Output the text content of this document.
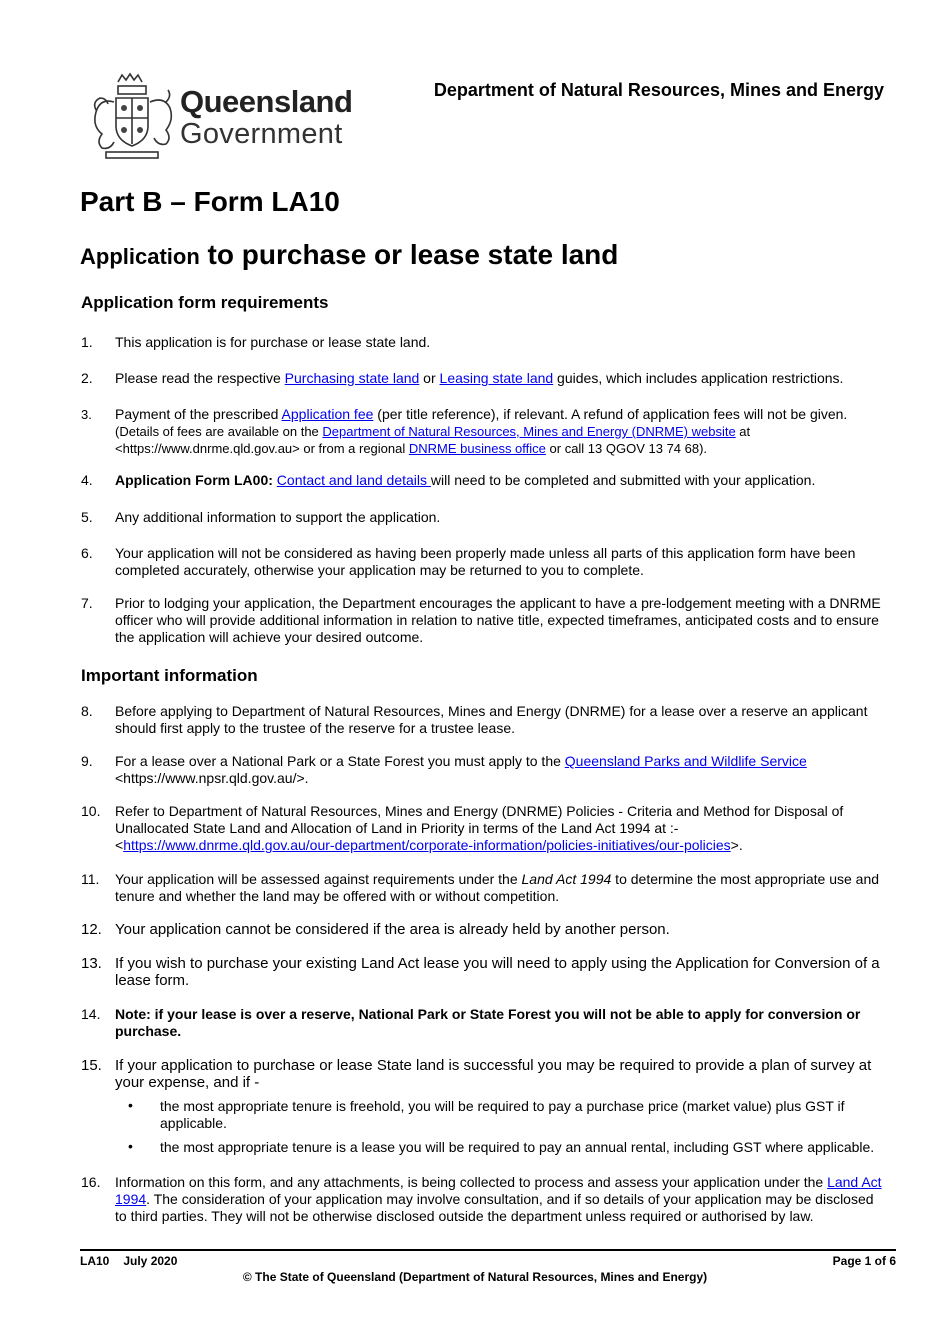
Queensland
Government
Department of Natural Resources, Mines and Energy
Part B – Form LA10
Application to purchase or lease state land
Application form requirements
1. This application is for purchase or lease state land.
2. Please read the respective Purchasing state land or Leasing state land guides, which includes application restrictions.
3. Payment of the prescribed Application fee (per title reference), if relevant. A refund of application fees will not be given.
(Details of fees are available on the Department of Natural Resources, Mines and Energy (DNRME) website at <https://www.dnrme.qld.gov.au> or from a regional DNRME business office or call 13 QGOV 13 74 68).
4. Application Form LA00: Contact and land details will need to be completed and submitted with your application.
5. Any additional information to support the application.
6. Your application will not be considered as having been properly made unless all parts of this application form have been completed accurately, otherwise your application may be returned to you to complete.
7. Prior to lodging your application, the Department encourages the applicant to have a pre-lodgement meeting with a DNRME officer who will provide additional information in relation to native title, expected timeframes, anticipated costs and to ensure the application will achieve your desired outcome.
Important information
8. Before applying to Department of Natural Resources, Mines and Energy (DNRME) for a lease over a reserve an applicant should first apply to the trustee of the reserve for a trustee lease.
9. For a lease over a National Park or a State Forest you must apply to the Queensland Parks and Wildlife Service <https://www.npsr.qld.gov.au/>.
10. Refer to Department of Natural Resources, Mines and Energy (DNRME) Policies - Criteria and Method for Disposal of Unallocated State Land and Allocation of Land in Priority in terms of the Land Act 1994 at :- <https://www.dnrme.qld.gov.au/our-department/corporate-information/policies-initiatives/our-policies>.
11. Your application will be assessed against requirements under the Land Act 1994 to determine the most appropriate use and tenure and whether the land may be offered with or without competition.
12. Your application cannot be considered if the area is already held by another person.
13. If you wish to purchase your existing Land Act lease you will need to apply using the Application for Conversion of a lease form.
14. Note: if your lease is over a reserve, National Park or State Forest you will not be able to apply for conversion or purchase.
15. If your application to purchase or lease State land is successful you may be required to provide a plan of survey at your expense, and if -
• the most appropriate tenure is freehold, you will be required to pay a purchase price (market value) plus GST if applicable.
• the most appropriate tenure is a lease you will be required to pay an annual rental, including GST where applicable.
16. Information on this form, and any attachments, is being collected to process and assess your application under the Land Act 1994. The consideration of your application may involve consultation, and if so details of your application may be disclosed to third parties. They will not be otherwise disclosed outside the department unless required or authorised by law.
LA10 July 2020	Page 1 of 6
© The State of Queensland (Department of Natural Resources, Mines and Energy)
